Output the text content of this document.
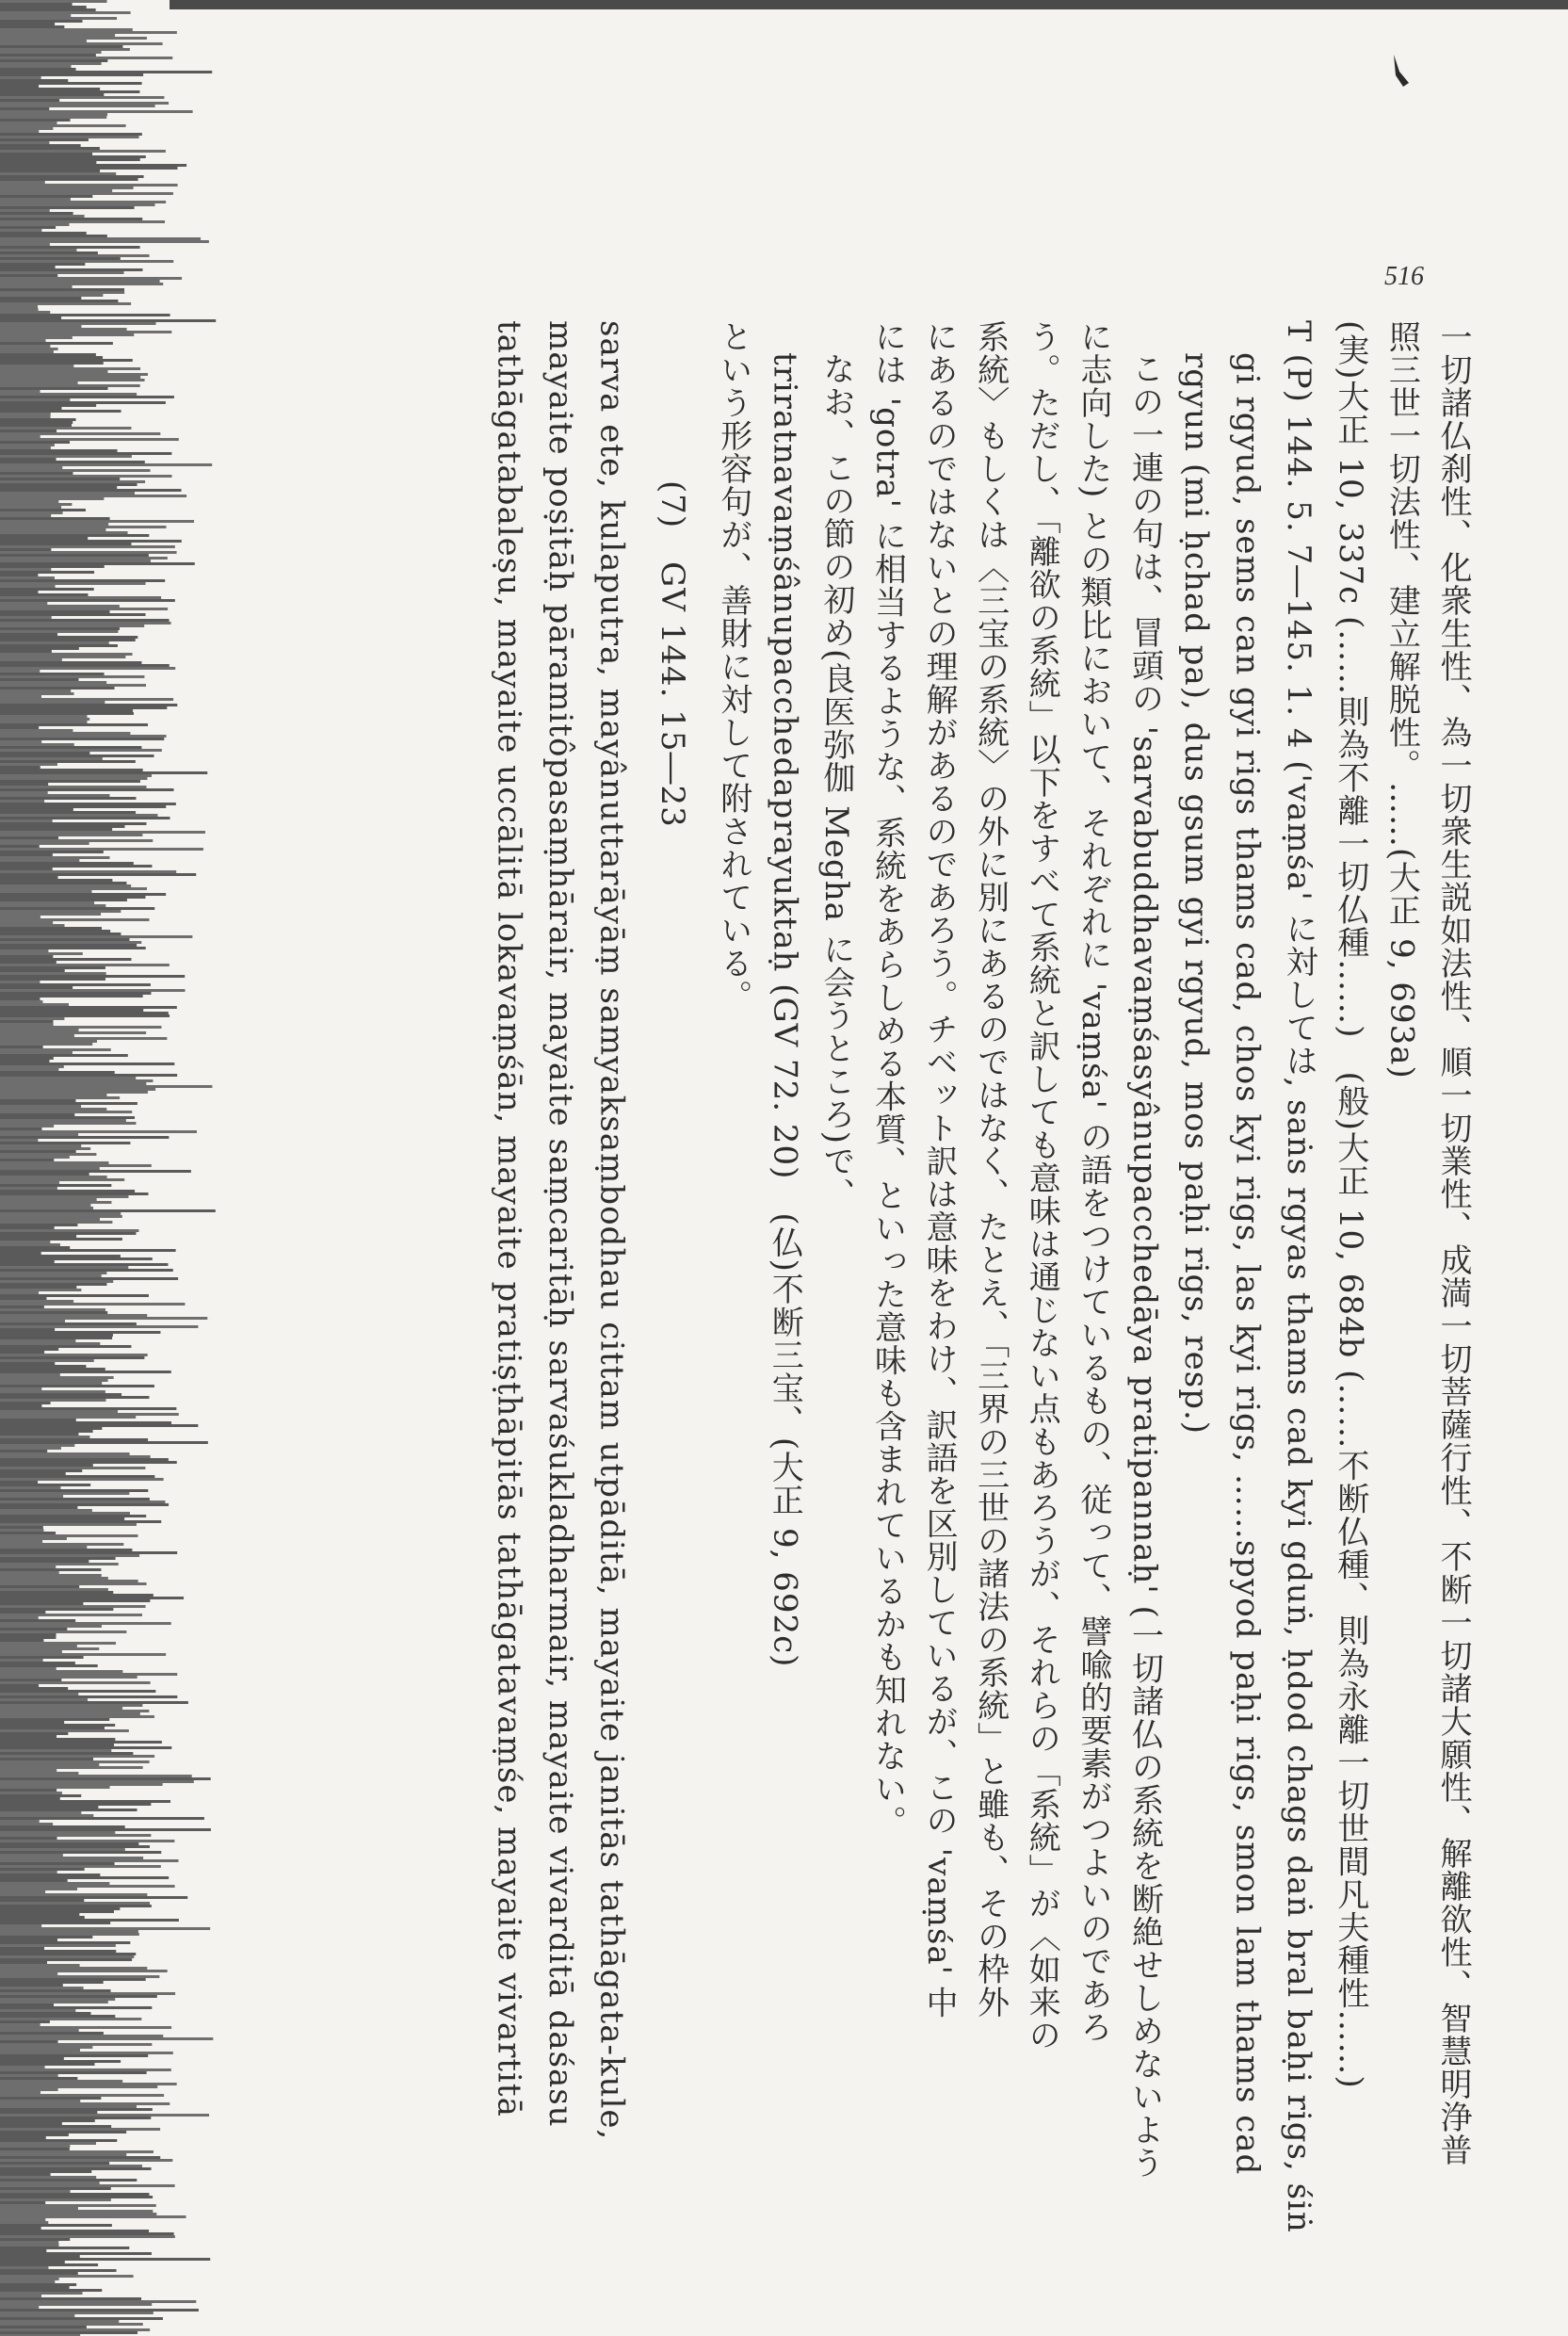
516
一切諸仏刹性、化衆生性、為一切衆生説如法性、順一切業性、成満一切菩薩行性、不断一切諸大願性、解離欲性、智慧明浄普
照三世一切法性、建立解脱性。……(大正 9, 693a)
(実)大正 10, 337c (……則為不離一切仏種……)　(般)大正 10, 684b (……不断仏種、則為永離一切世間凡夫種性……)
T (P) 144. 5. 7―145. 1. 4 ('vaṃśa' に対しては, saṅs rgyas thams cad kyi gduṅ, ḥdod chags daṅ bral baḥi rigs, śiṅ
gi rgyud, sems can gyi rigs thams cad, chos kyi rigs, las kyi rigs, ……spyod paḥi rigs, smon lam thams cad
rgyun (mi ḥchad pa), dus gsum gyi rgyud, mos paḥi rigs, resp.)
この一連の句は、冒頭の 'sarvabuddhavaṃśasyânupacchedāya pratipannaḥ' (一切諸仏の系統を断絶せしめないよう
に志向した) との類比において、それぞれに 'vaṃśa' の語をつけているもの、従って、譬喩的要素がつよいのであろ
う。ただし、「離欲の系統」以下をすべて系統と訳しても意味は通じない点もあろうが、それらの「系統」が〈如来の
系統〉もしくは〈三宝の系統〉の外に別にあるのではなく、たとえ、「三界の三世の諸法の系統」と雖も、その枠外
にあるのではないとの理解があるのであろう。チベット訳は意味をわけ、訳語を区別しているが、この 'vaṃśa' 中
には 'gotra' に相当するような、系統をあらしめる本質、といった意味も含まれているかも知れない。
なお、この節の初め(良医弥伽 Megha に会うところ)で、
triratnavaṃśânupacchedaprayuktaḥ (GV 72. 20)　(仏)不断三宝、(大正 9, 692c)
という形容句が、善財に対して附されている。
(7)　GV 144. 15―23
sarva ete, kulaputra, mayânuttarāyāṃ samyaksaṃbodhau cittam utpāditā, mayaite janitās tathāgata-kule,
mayaite poṣitāḥ pāramitôpasaṃhārair, mayaite saṃcaritāḥ sarvaśukladharmair, mayaite vivarditā daśasu
tathāgatabaleṣu, mayaite uccālitā lokavaṃśān, mayaite pratiṣṭhāpitās tathāgatavaṃśe, mayaite vivartitā
